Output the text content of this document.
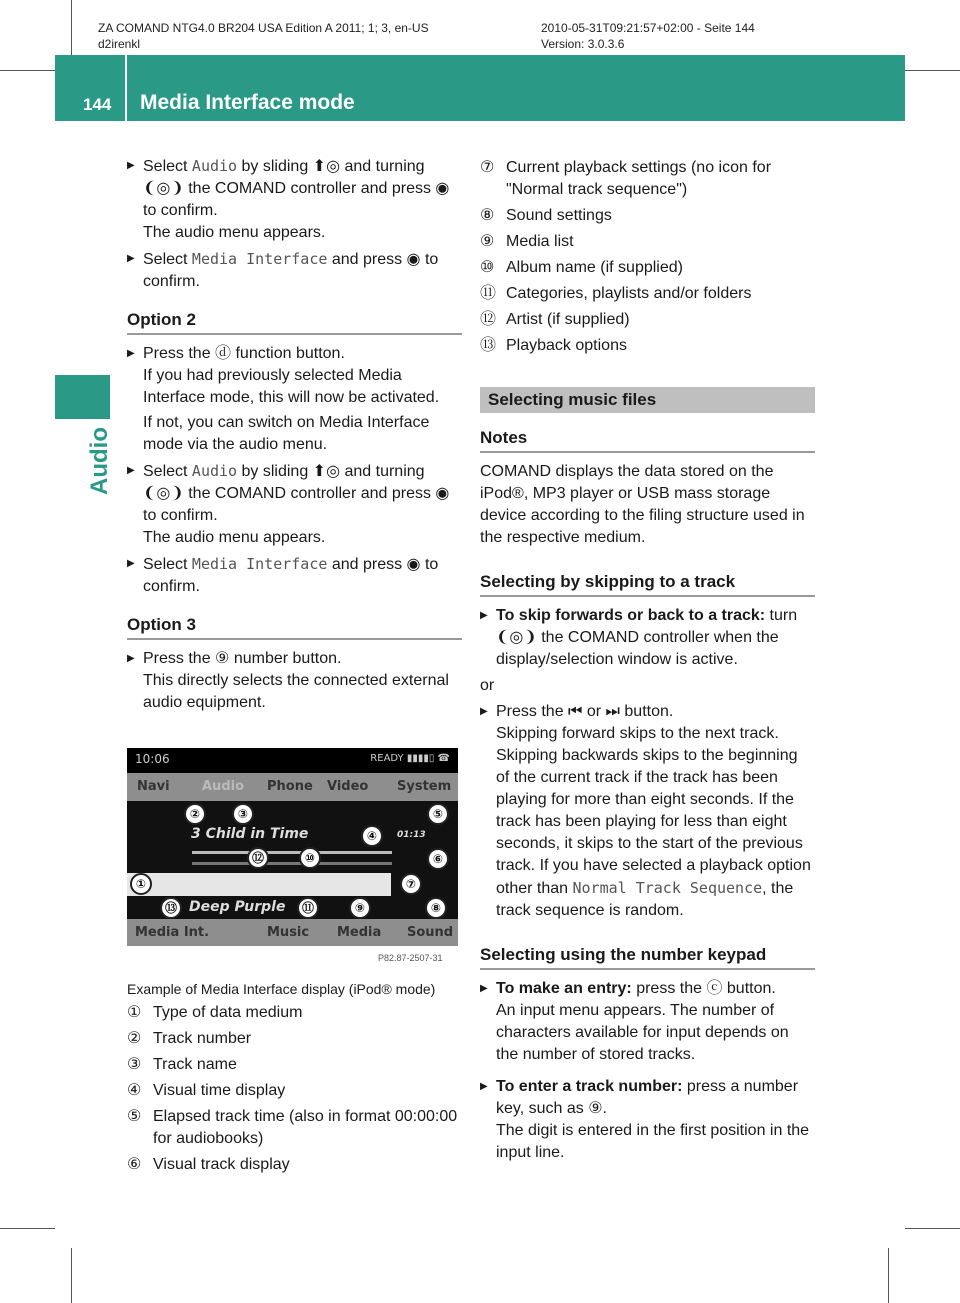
ZA COMAND NTG4.0 BR204 USA Edition A 2011; 1; 3, en-US
d2irenkl
2010-05-31T09:21:57+02:00 - Seite 144
Version: 3.0.3.6
144 Media Interface mode
Audio
▶ Select Audio by sliding ⬆◎ and turning ❨◎❩ the COMAND controller and press ◉ to confirm.
The audio menu appears.
▶ Select Media Interface and press ◉ to confirm.
Option 2
▶ Press the ⓓ function button.
If you had previously selected Media Interface mode, this will now be activated.
If not, you can switch on Media Interface mode via the audio menu.
▶ Select Audio by sliding ⬆◎ and turning ❨◎❩ the COMAND controller and press ◉ to confirm.
The audio menu appears.
▶ Select Media Interface and press ◉ to confirm.
Option 3
▶ Press the ⑨ number button.
This directly selects the connected external audio equipment.
10:06	READY ▮▮▮▮▯ ☎
Navi Audio Phone Video System
3 Child in Time	01:13
Deep Purple
Media Int.	Music Media Sound
①
②	③
④
⑤
⑥
⑦
⑧
⑨
⑩
⑪
⑫
⑬
P82.87-2507-31
Example of Media Interface display (iPod® mode)
① Type of data medium
② Track number
③ Track name
④ Visual time display
⑤ Elapsed track time (also in format 00:00:00 for audiobooks)
⑥ Visual track display
⑦ Current playback settings (no icon for "Normal track sequence")
⑧ Sound settings
⑨ Media list
⑩ Album name (if supplied)
⑪ Categories, playlists and/or folders
⑫ Artist (if supplied)
⑬ Playback options
Selecting music files
Notes
COMAND displays the data stored on the iPod®, MP3 player or USB mass storage device according to the filing structure used in the respective medium.
Selecting by skipping to a track
▶ To skip forwards or back to a track: turn ❨◎❩ the COMAND controller when the display/selection window is active.
or
▶ Press the ⏮ or ⏭ button.
Skipping forward skips to the next track. Skipping backwards skips to the beginning of the current track if the track has been playing for more than eight seconds. If the track has been playing for less than eight seconds, it skips to the start of the previous track. If you have selected a playback option other than Normal Track Sequence, the track sequence is random.
Selecting using the number keypad
▶ To make an entry: press the ⓒ button.
An input menu appears. The number of characters available for input depends on the number of stored tracks.
▶ To enter a track number: press a number key, such as ⑨.
The digit is entered in the first position in the input line.
